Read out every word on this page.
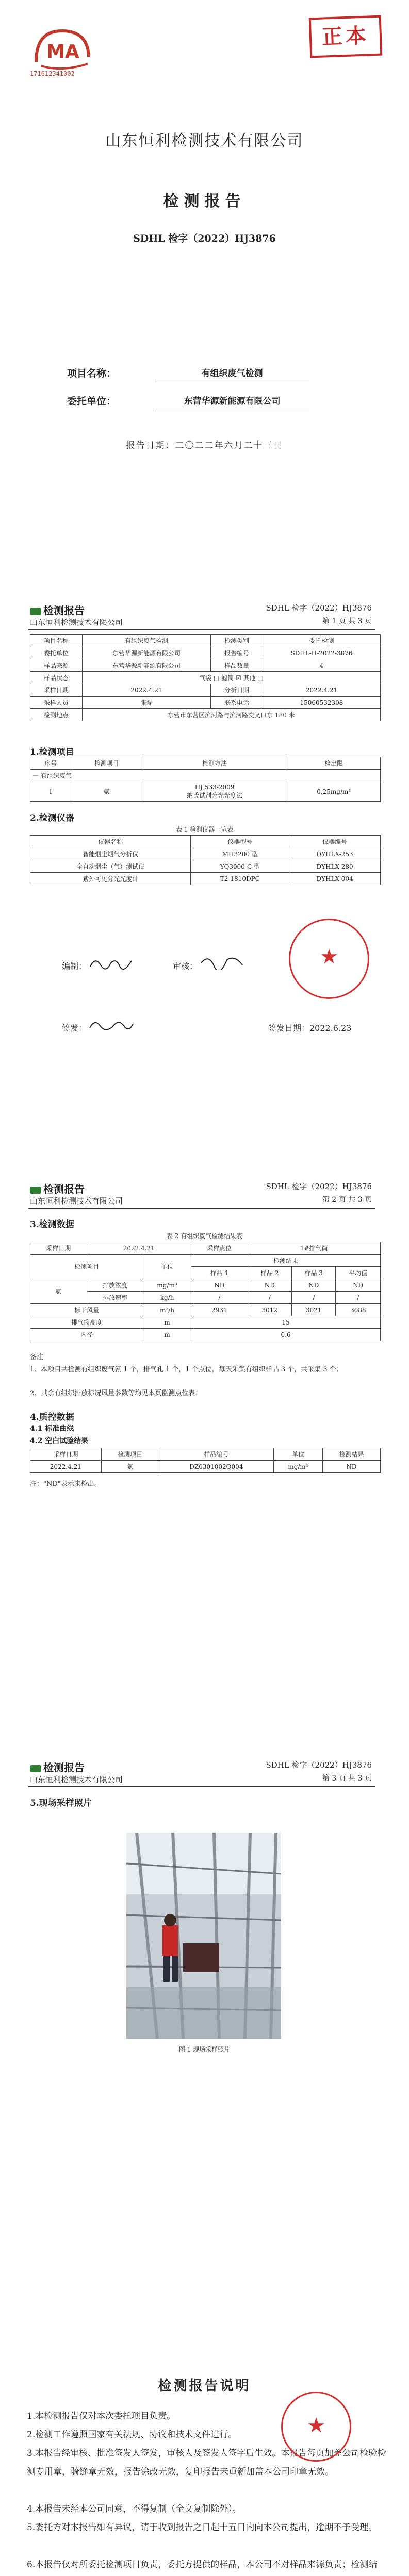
MA
171612341002
正本
山东恒利检测技术有限公司
检测报告
SDHL 检字（2022）HJ3876
项目名称：	有组织废气检测
委托单位：	东营华源新能源有限公司
报告日期：二〇二二年六月二十三日
检测报告
山东恒利检测技术有限公司
SDHL 检字（2022）HJ3876
第 1 页 共 3 页
项目名称	有组织废气检测	检测类别	委托检测
委托单位	东营华源新能源有限公司	报告编号	SDHL-H-2022-3876
样品来源	东营华源新能源有限公司	样品数量	4
样品状态	气袋 □ 滤筒 ☑ 其他 □		
采样日期	2022.4.21	分析日期	2022.4.21
采样人员	张磊	联系电话	15060532308
检测地点	东营市东营区滨河路与滨河路交叉口东 180 米		
1.检测项目
序号	检测项目	检测方法	检出限
一 有组织废气			
1	氨	HJ 533-2009
纳氏试剂分光光度法	0.25mg/m³
2.检测仪器
表 1 检测仪器一览表
仪器名称	仪器型号	仪器编号
智能烟尘烟气分析仪	MH3200 型	DYHLX-253
全自动烟尘（气）测试仪	YQ3000-C 型	DYHLX-280
紫外可见分光光度计	T2-1810DPC	DYHLX-004
编制：	审核：	★
签发：	签发日期：2022.6.23
检测报告
山东恒利检测技术有限公司
SDHL 检字（2022）HJ3876
第 2 页 共 3 页
3.检测数据
表 2 有组织废气检测结果表
采样日期	2022.4.21		采样点位	1#排气筒		
检测项目		单位	检测结果			
			样品 1	样品 2	样品 3	平均值
氨	排放浓度	mg/m³	ND	ND	ND	ND
	排放速率	kg/h	/	/	/	/
标干风量		m³/h	2931	3012	3021	3088
排气筒高度		m	15			
内径		m	0.6			
备注
1、本项目共检测有组织废气氨 1 个，排气孔 1 个，1 个点位，每天采集有组织样品 3 个，共采集 3 个；
2、其余有组织排放标况风量参数等均见本页监测点位表；
4.质控数据
4.1 标准曲线
4.2 空白试验结果
采样日期	检测项目	样品编号	单位	检测结果
2022.4.21	氨	DZ0301002Q004	mg/m³	ND
注："ND"表示未检出。
检测报告
山东恒利检测技术有限公司
SDHL 检字（2022）HJ3876
第 3 页 共 3 页
5.现场采样照片
图 1 现场采样照片
检测报告说明
1.本检测报告仅对本次委托项目负责。
2.检测工作遵照国家有关法规、协议和技术文件进行。
3.本报告经审核、批准签发人签发，审核人及签发人签字后生效。本报告每页加盖公司检验检测专用章，骑缝章无效，报告涂改无效，复印报告未重新加盖本公司印章无效。
4.本报告未经本公司同意，不得复制（全文复制除外）。
5.委托方对本报告如有异议，请于收到报告之日起十五日内向本公司提出，逾期不予受理。
6.本报告仅对所委托检测项目负责，委托方提供的样品，本公司不对样品来源负责；检测结
★
